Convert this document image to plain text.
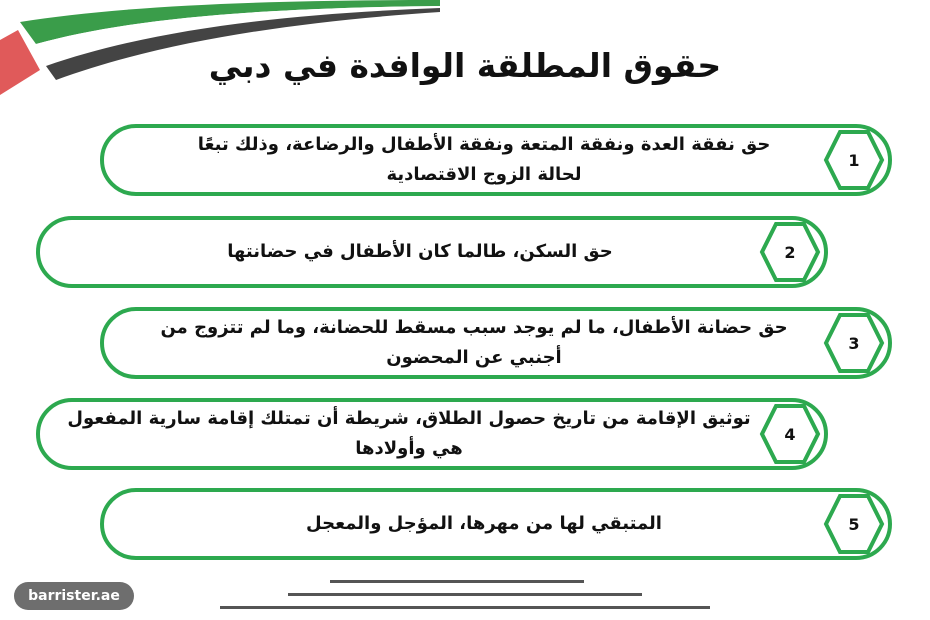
حقوق المطلقة الوافدة في دبي
حق نفقة العدة ونفقة المتعة ونفقة الأطفال والرضاعة، وذلك تبعًا لحالة الزوج الاقتصادية
1
حق السكن، طالما كان الأطفال في حضانتها	2
حق حضانة الأطفال، ما لم يوجد سبب مسقط للحضانة، وما لم تتزوج من أجنبي عن المحضون
3
توثيق الإقامة من تاريخ حصول الطلاق، شريطة أن تمتلك إقامة سارية المفعول هي وأولادها
4
المتبقي لها من مهرها، المؤجل والمعجل	5
barrister.ae
